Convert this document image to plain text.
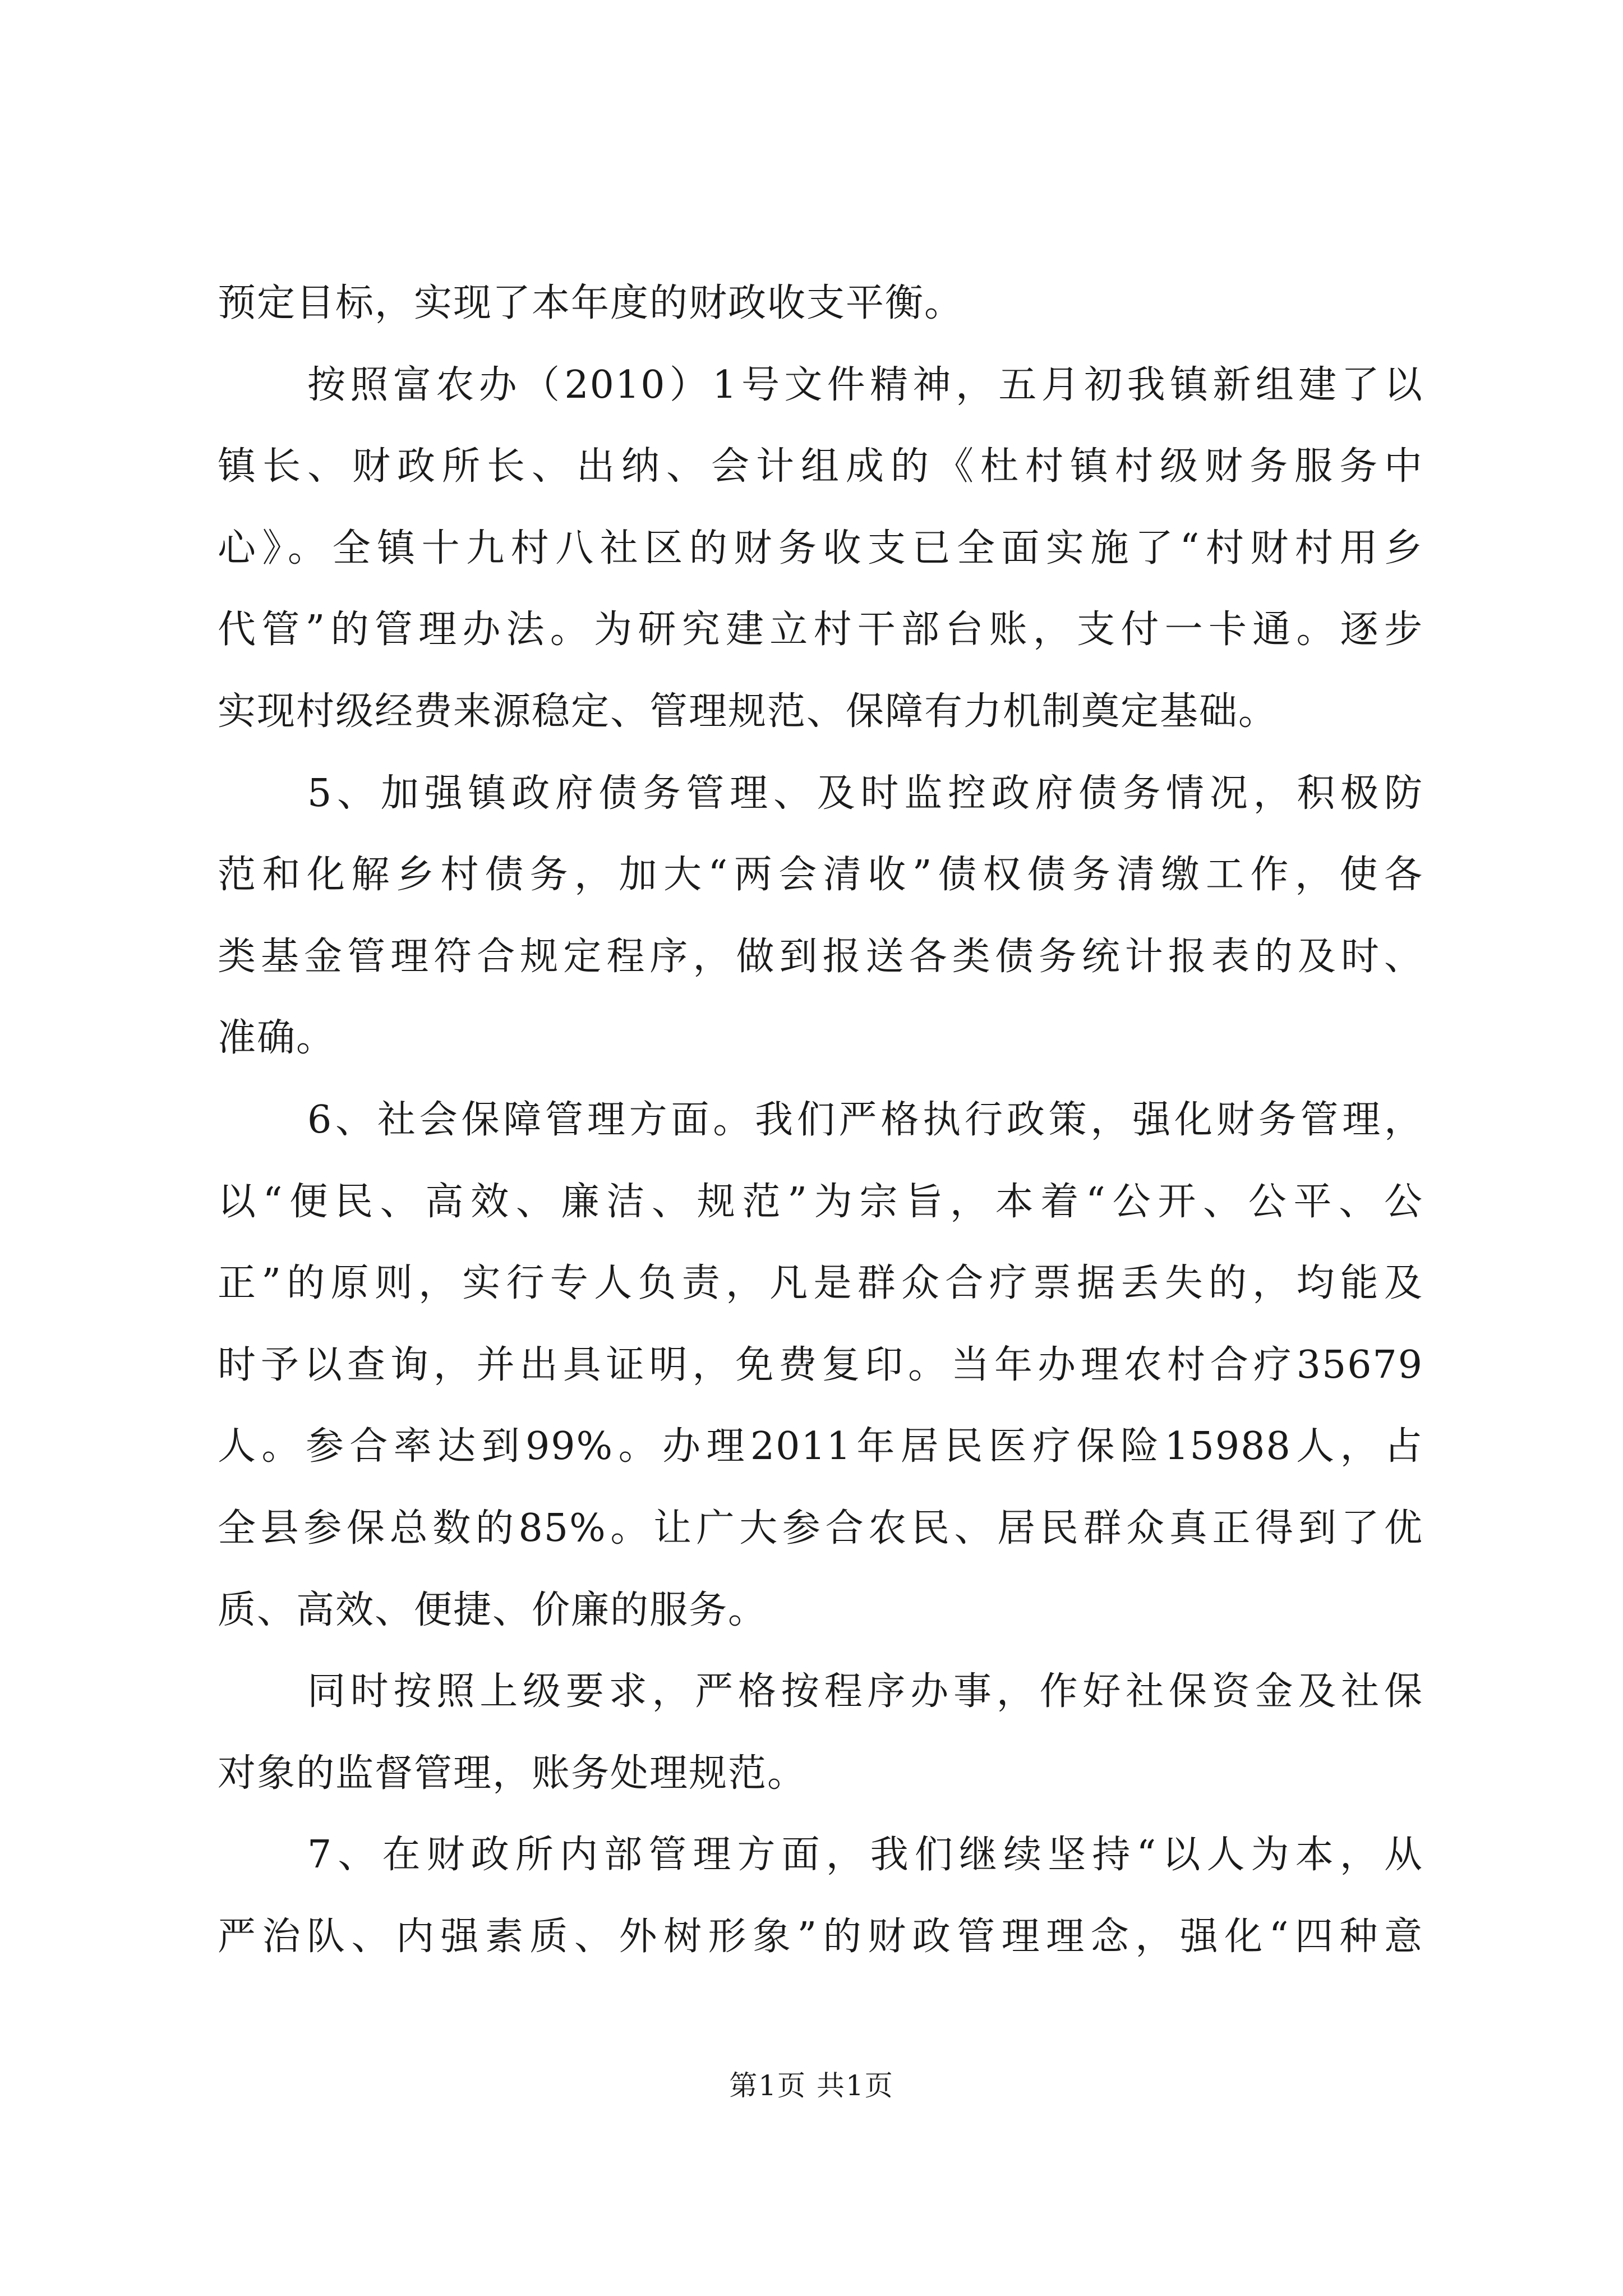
预定目标，实现了本年度的财政收支平衡。
按照富农办（2010）1号文件精神，五月初我镇新组建了以
镇长、财政所长、出纳、会计组成的《杜村镇村级财务服务中
心》。全镇十九村八社区的财务收支已全面实施了“村财村用乡
代管”的管理办法。为研究建立村干部台账，支付一卡通。逐步
实现村级经费来源稳定、管理规范、保障有力机制奠定基础。
5、加强镇政府债务管理、及时监控政府债务情况，积极防
范和化解乡村债务，加大“两会清收”债权债务清缴工作，使各
类基金管理符合规定程序，做到报送各类债务统计报表的及时、
准确。
6、社会保障管理方面。我们严格执行政策，强化财务管理，
以“便民、高效、廉洁、规范”为宗旨，本着“公开、公平、公
正”的原则，实行专人负责，凡是群众合疗票据丢失的，均能及
时予以查询，并出具证明，免费复印。当年办理农村合疗35679
人。参合率达到99%。办理2011年居民医疗保险15988人，占
全县参保总数的85%。让广大参合农民、居民群众真正得到了优
质、高效、便捷、价廉的服务。
同时按照上级要求，严格按程序办事，作好社保资金及社保
对象的监督管理，账务处理规范。
7、在财政所内部管理方面，我们继续坚持“以人为本，从
严治队、内强素质、外树形象”的财政管理理念，强化“四种意
第1页 共1页
